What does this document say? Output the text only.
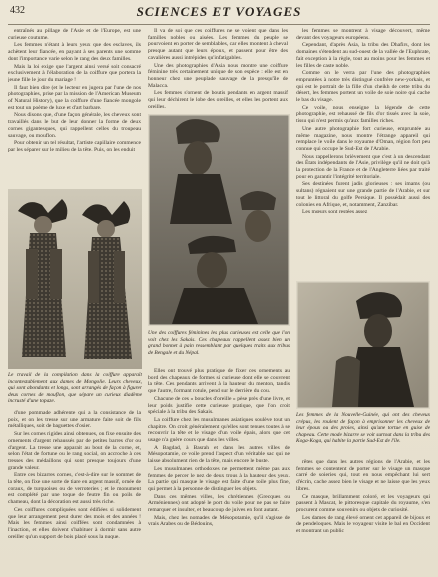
432	SCIENCES ET VOYAGES

entraînés au pillage de l'Asie et de l'Europe, est une curieuse coutume.

Les femmes n'étant à leurs yeux que des esclaves, ils achètent leur fiancée, en payant à ses parents une somme dont l'importance varie selon le rang des deux familles.

Mais la loi exige que l'argent ainsi versé soit consacré exclusivement à l'élaboration de la coiffure que portera la jeune fille le jour du mariage !

Il faut bien dire (et le lecteur en jugera par l'une de nos photographies, prise par la mission de l'American Museum of Natural History), que la coiffure d'une fiancée mongole est tout un poème de luxe et d'art barbare.

Nous disons que, d'une façon générale, les cheveux sont travaillés dans le but de leur donner la forme de deux cornes gigantesques, qui rappellent celles du troupeau sauvage, ou mouflon.

Pour obtenir un tel résultat, l'artiste capillaire commence par les séparer sur le milieu de la tête. Puis, on les enduit

Le travail de la compilation dans la coiffure apparaît incontestablement aux dames de Mongolie. Leurs cheveux, qui sont abondants et longs, sont arrangés de façon à figurer deux cornes de mouflon, que sépare un curieux diadème incrusté d'une topaze.

d'une pommade adhérente qui a la consistance de la poix, et on les tresse sur une armature faite soit de fils métalliques, soit de baguettes d'osier.

Sur les cornes rigides ainsi obtenues, on fixe ensuite des ornements d'argent rehaussés par de petites barres d'or ou d'argent. La tresse une apparait au bout de la corne, et, selon l'état de fortune ou le rang social, on accroche à ces tresses des médaillons qui sont presque toujours d'une grande valeur.

Entre ces bizarres cornes, c'est-à-dire sur le sommet de la tête, on fixe une sorte de tiare en argent massif, ornée de coraux, de turquoises ou de verroteries ; et le monument est complété par une toque de feutre fin ou poils de chameau, dont la décoration est aussi très riche.

Ces coiffures compliquées sont édifiées si solidement que leur arrangement peut durer des mois et des années ! Mais les femmes ainsi coiffées sont condamnées à l'inaction, et elles doivent s'habituer à dormir sans autre oreiller qu'un support de bois placé sous la nuque.

Il va de soi que ces coiffures ne se voient que dans les familles nobles ou aisées. Les femmes du peuple se pourvoient en porter de semblables, car elles montent à cheval presque autant que leurs époux, et passent pour être des cavalières aussi intrépides qu'infatigables.

Une des photographies d'Asia nous montre une coiffure féminine très certainement unique de son espèce : elle est en honneur chez une peuplade sauvage de la presqu'île de Malacca.

Les femmes s'ornent de boutis pendants en argent massif qui leur déchirent le lobe des oreilles, et elles les portent aux oreilles.

Une des coiffures féminines les plus curieuses est celle que l'on voit chez les Sakais. Ces chapeaux rappellent assez bien un grand bonnet à pain ressemblant par quelques traits aux tribus de Bengale et du Népal.

Elles ont trouvé plus pratique de fixer ces ornements au bord des chapeaux de formes si curieuse dont elle se couvrent la tête. Ces pendants arrivent à la hauteur du menton, tandis que l'autre, formant rotule, pend sur le derrière du cou.

Chacune de ces « boucles d'oreille » pèse près d'une livre, et leur poids justifie cette curieuse pratique, que l'on croit spéciale à la tribu des Sakais.

La coiffure chez les musulmanes asiatiques soulève tout un chapitre. On croit généralement qu'elles sont tenues toutes à se recouvrir la tête et le visage d'un voile épais, alors que cet usage n'a guère cours que dans les villes.

A Bagdad, à Basrah et dans les autres villes de Mésopotamie, ce voile prend l'aspect d'un véritable sac qui ne laisse absolument rien de la tête, mais encore le buste.

Les musulmanes orthodoxes ne permettent même pas aux femmes de percer le nez de deux trous à la hauteur des yeux. La partie qui masque le visage est faite d'une toile plus fine, qui permet à la personne de distinguer les objets.

Dans ces mêmes villes, les chrétiennes (Grecques ou Arméniennes) ont adopté le port du voile pour ne pas se faire remarquer et insulter, et beaucoup de juives en font autant.

Mais, chez les nomades de Mésopotamie, qu'il s'agisse de vrais Arabes ou de Bédouins,

les femmes se montrent à visage découvert, même devant des voyageurs européens.

Cependant, d'après Asia, la tribu des Dhafirs, dont les domaines s'étendent au sud-ouest de la vallée de l'Euphrate, fait exception à la règle, tout au moins pour les femmes et les filles de caste noble.

Comme on le verra par l'une des photographies empruntées à notre très distingué confrère new-yorkais, et qui est le portrait de la fille d'un cheikh de cette tribu du désert, les femmes portent un voile de soie noire qui cache le bas du visage.

Ce voile, nous enseigne la légende de cette photographie, est rehaussé de fils d'or tissés avec la soie, tissu qui n'est permis qu'aux familles riches.

Une autre photographie fort curieuse, empruntée au même magazine, nous montre l'étrange appareil qui remplace le voile dans le royaume d'Oman, région fort peu connue qui occupe le Sud-Est de l'Arabie.

Nous rappellerons brièvement que c'est à un descendant des États indépendants de l'Asie, privilège qu'il ne doit qu'à la protection de la France et de l'Angleterre liées par traité pour en garantir l'intégrité territoriale.

Ses destinées furent jadis glorieuses : ses imams (ou sultans) régnaient sur une grande partie de l'Arabie, et sur tout le littoral du golfe Persique. Il possédait aussi des colonies en Afrique, et, notamment, Zanzibar.

Les mœurs sont restées assez

Les femmes de la Nouvelle-Guinée, qui ont des cheveux crépus, les roulent de façon à emprisonner les cheveux de leur époux ou des proies, ainsi qu'une tortue en guise de chapeau. Cette mode bizarre se voit surtout dans la tribu des Koga-Koga, qui habite la partie Sud-Est de l'île.

rêtes que dans les autres régions de l'Arabie, et les femmes se contentent de porter sur le visage un masque carré de soieries qui, tout en nous empêchant lui sert d'écrin, cache assez bien le visage et ne laisse que les yeux libres.

Ce masque, brillamment coloré, et les voyageurs qui passent à Mascat, le pittoresque capitale du royaume, s'en procurent comme souvenirs ou objets de curiosité.

Les dames de rang élevé ornent cet appareil de bijoux et de pendeloques. Mais le voyageur visite le bal en Occident et montrant un public
